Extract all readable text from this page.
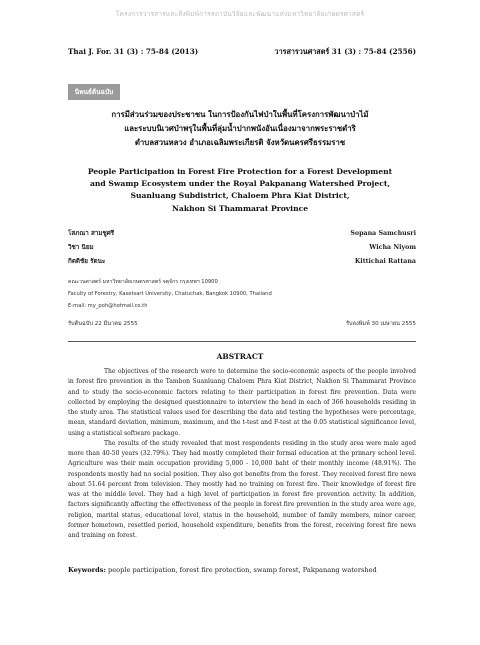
โครงการวารสารและสิ่งพิมพ์การสถาบันวิจัยและพัฒนาแห่งมหาวิทยาลัยเกษตรศาสตร์
Thai J. For. 31 (3) : 75-84 (2013)	วารสารวนศาสตร์ 31 (3) : 75-84 (2556)
นิพนธ์ต้นฉบับ
การมีส่วนร่วมของประชาชน ในการป้องกันไฟป่าในพื้นที่โครงการพัฒนาป่าไม้
และระบบนิเวศป่าพรุในพื้นที่ลุ่มน้ำปากพนังอันเนื่องมาจากพระราชดำริ
ตำบลสวนหลวง อำเภอเฉลิมพระเกียรติ จังหวัดนครศรีธรรมราช
People Participation in Forest Fire Protection for a Forest Development
and Swamp Ecosystem under the Royal Pakpanang Watershed Project,
Suanluang Subdistrict, Chaloem Phra Kiat District,
Nakhon Si Thammarat Province
โสภณา สามชูศรี	Sopana Samchusri
วิชา นิยม	Wicha Niyom
กิตติชัย รัตนะ	Kittichai Rattana
คณะวนศาสตร์ มหาวิทยาลัยเกษตรศาสตร์ จตุจักร กรุงเทพฯ 10900
Faculty of Forestry, Kasetsart University, Chatuchak, Bangkok 10900, Thailand
E-mail: my_poh@hotmail.co.th
รับต้นฉบับ 22 มีนาคม 2555	รับลงพิมพ์ 30 เมษายน 2555
ABSTRACT

The objectives of the research were to determine the socio-economic aspects of the people involved in forest fire prevention in the Tambon Suanluang Chaloem Phra Kiat District, Nakhon Si Thammarat Province and to study the socio-economic factors relating to their participation in forest fire prevention. Data were collected by employing the designed questionnaire to interview the head in each of 366 households residing in the study area. The statistical values used for describing the data and testing the hypotheses were percentage, mean, standard deviation, minimum, maximum, and the t-test and F-test at the 0.05 statistical significance level, using a statistical software package.

The results of the study revealed that most respondents residing in the study area were male aged more than 40-50 years (32.79%). They had mostly completed their formal education at the primary school level. Agriculture was their main occupation providing 5,000 - 10,000 baht of their monthly income (48.91%). The respondents mostly had no social position. They also got benefits from the forest. They received forest fire news about 51.64 percent from television. They mostly had no training on forest fire. Their knowledge of forest fire was at the middle level. They had a high level of participation in forest fire prevention activity. In addition, factors significantly affecting the effectiveness of the people in forest fire prevention in the study area were age, religion, marital status, educational level, status in the household, number of family members, minor career, former hometown, resettled period, household expenditure, benefits from the forest, receiving forest fire news and training on forest.

Keywords: people participation, forest fire protection, swamp forest, Pakpanang watershed
